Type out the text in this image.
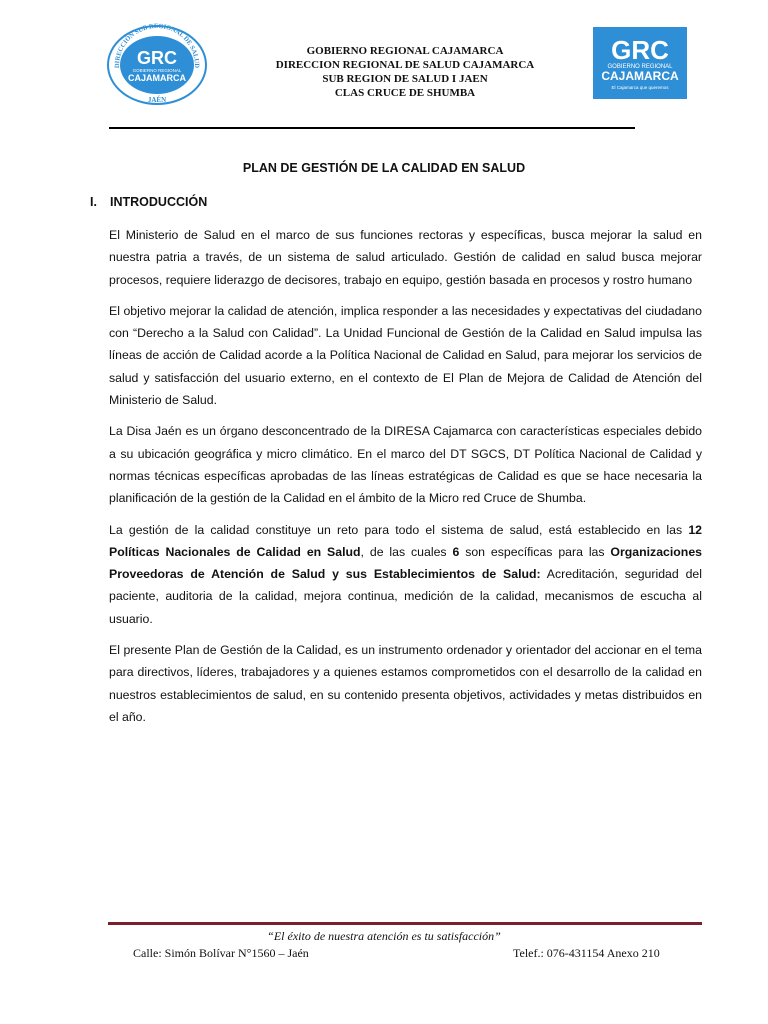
DIRECCIÓN SUB REGIONAL DE SALUD
JAÉN
GRC
GOBIERNO REGIONAL
CAJAMARCA
GOBIERNO REGIONAL CAJAMARCA
DIRECCION REGIONAL DE SALUD CAJAMARCA
SUB REGION DE SALUD I JAEN
CLAS CRUCE DE SHUMBA
GRC
GOBIERNO REGIONAL
CAJAMARCA
El Cajamarca que queremos
PLAN DE GESTIÓN DE LA CALIDAD EN SALUD
I. INTRODUCCIÓN

El Ministerio de Salud en el marco de sus funciones rectoras y específicas, busca mejorar la salud en nuestra patria a través, de un sistema de salud articulado. Gestión de calidad en salud busca mejorar procesos, requiere liderazgo de decisores, trabajo en equipo, gestión basada en procesos y rostro humano

El objetivo mejorar la calidad de atención, implica responder a las necesidades y expectativas del ciudadano con “Derecho a la Salud con Calidad”. La Unidad Funcional de Gestión de la Calidad en Salud impulsa las líneas de acción de Calidad acorde a la Política Nacional de Calidad en Salud, para mejorar los servicios de salud y satisfacción del usuario externo, en el contexto de El Plan de Mejora de Calidad de Atención del Ministerio de Salud.

La Disa Jaén es un órgano desconcentrado de la DIRESA Cajamarca con características especiales debido a su ubicación geográfica y micro climático. En el marco del DT SGCS, DT Política Nacional de Calidad y normas técnicas específicas aprobadas de las líneas estratégicas de Calidad es que se hace necesaria la planificación de la gestión de la Calidad en el ámbito de la Micro red Cruce de Shumba.

La gestión de la calidad constituye un reto para todo el sistema de salud, está establecido en las 12 Políticas Nacionales de Calidad en Salud, de las cuales 6 son específicas para las Organizaciones Proveedoras de Atención de Salud y sus Establecimientos de Salud: Acreditación, seguridad del paciente, auditoria de la calidad, mejora continua, medición de la calidad, mecanismos de escucha al usuario.

El presente Plan de Gestión de la Calidad, es un instrumento ordenador y orientador del accionar en el tema para directivos, líderes, trabajadores y a quienes estamos comprometidos con el desarrollo de la calidad en nuestros establecimientos de salud, en su contenido presenta objetivos, actividades y metas distribuidos en el año.

“El éxito de nuestra atención es tu satisfacción”
Calle: Simón Bolívar N°1560 – Jaén	Telef.: 076-431154 Anexo 210
